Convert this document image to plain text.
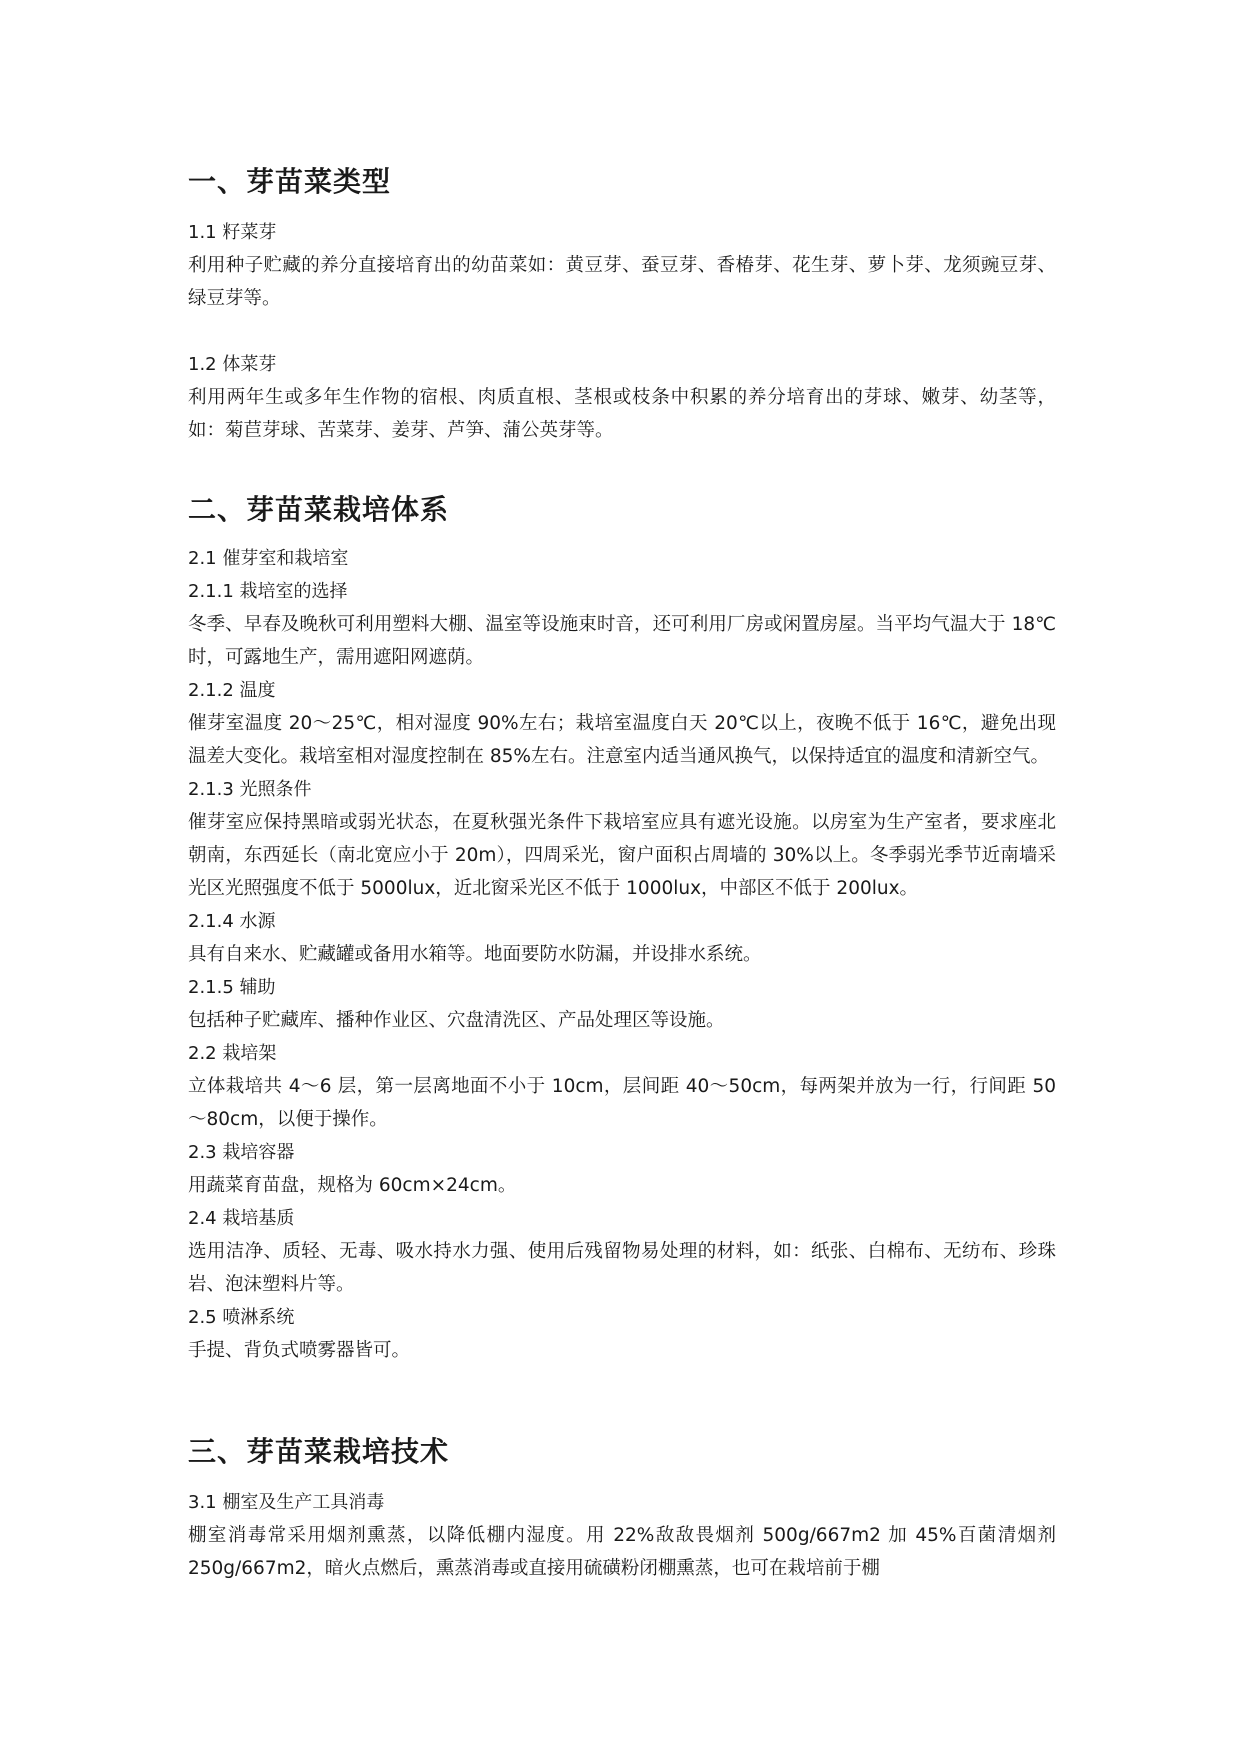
一、芽苗菜类型

1.1 籽菜芽

利用种子贮藏的养分直接培育出的幼苗菜如：黄豆芽、蚕豆芽、香椿芽、花生芽、萝卜芽、龙须豌豆芽、绿豆芽等。

1.2 体菜芽

利用两年生或多年生作物的宿根、肉质直根、茎根或枝条中积累的养分培育出的芽球、嫩芽、幼茎等，如：菊苣芽球、苦菜芽、姜芽、芦笋、蒲公英芽等。

二、芽苗菜栽培体系

2.1 催芽室和栽培室

2.1.1 栽培室的选择

冬季、早春及晚秋可利用塑料大棚、温室等设施束时音，还可利用厂房或闲置房屋。当平均气温大于 18℃时，可露地生产，需用遮阳网遮荫。

2.1.2 温度

催芽室温度 20～25℃，相对湿度 90%左右；栽培室温度白天 20℃以上，夜晚不低于 16℃，避免出现温差大变化。栽培室相对湿度控制在 85%左右。注意室内适当通风换气，以保持适宜的温度和清新空气。

2.1.3 光照条件

催芽室应保持黑暗或弱光状态，在夏秋强光条件下栽培室应具有遮光设施。以房室为生产室者，要求座北朝南，东西延长（南北宽应小于 20m），四周采光，窗户面积占周墙的 30%以上。冬季弱光季节近南墙采光区光照强度不低于 5000lux，近北窗采光区不低于 1000lux，中部区不低于 200lux。

2.1.4 水源

具有自来水、贮藏罐或备用水箱等。地面要防水防漏，并设排水系统。

2.1.5 辅助

包括种子贮藏库、播种作业区、穴盘清洗区、产品处理区等设施。

2.2 栽培架

立体栽培共 4～6 层，第一层离地面不小于 10cm，层间距 40～50cm，每两架并放为一行，行间距 50～80cm，以便于操作。

2.3 栽培容器

用蔬菜育苗盘，规格为 60cm×24cm。

2.4 栽培基质

选用洁净、质轻、无毒、吸水持水力强、使用后残留物易处理的材料，如：纸张、白棉布、无纺布、珍珠岩、泡沫塑料片等。

2.5 喷淋系统

手提、背负式喷雾器皆可。

三、芽苗菜栽培技术

3.1 棚室及生产工具消毒

棚室消毒常采用烟剂熏蒸，以降低棚内湿度。用 22%敌敌畏烟剂 500g/667m2 加 45%百菌清烟剂 250g/667m2，暗火点燃后，熏蒸消毒或直接用硫磺粉闭棚熏蒸，也可在栽培前于棚
